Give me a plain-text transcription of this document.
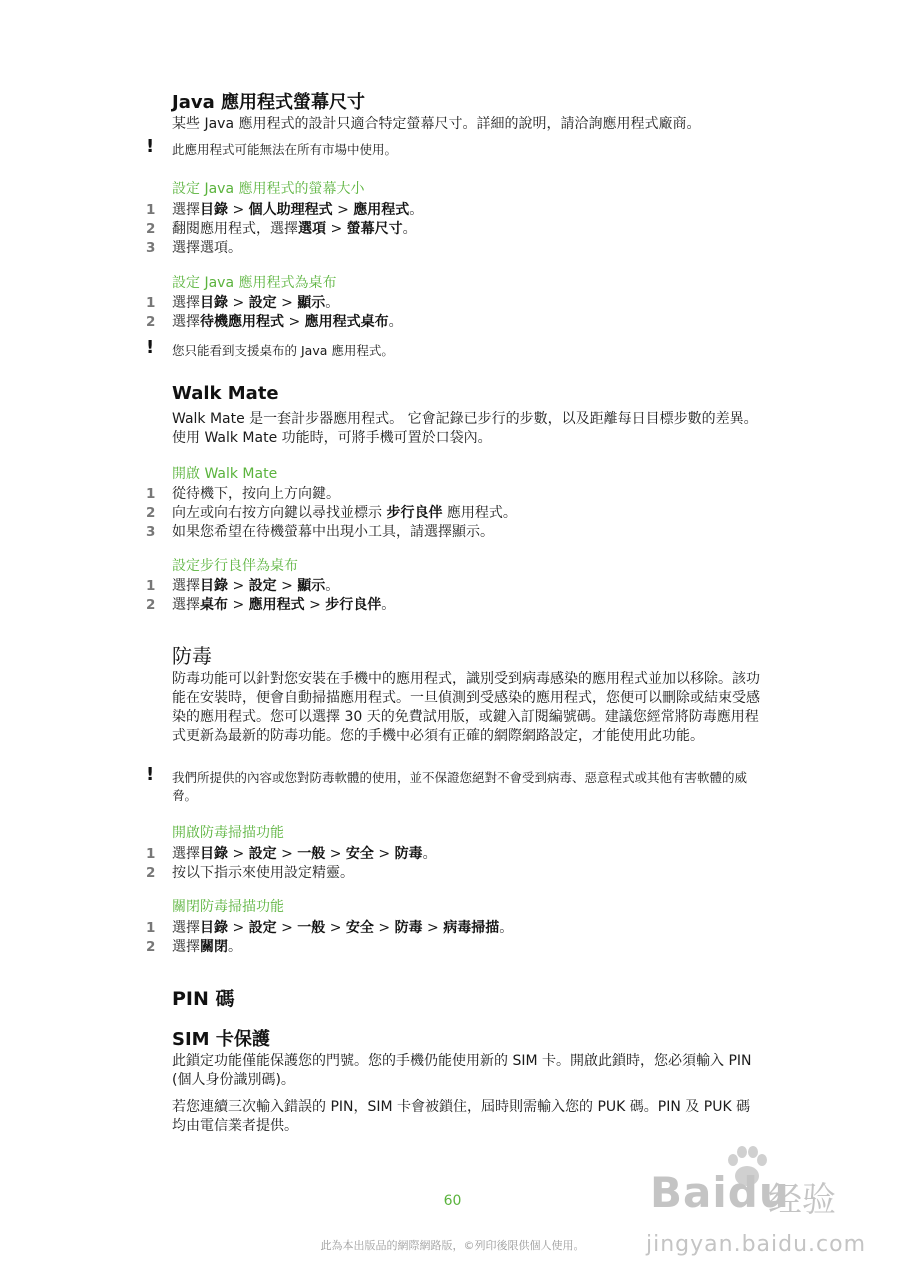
Java 應用程式螢幕尺寸
某些 Java 應用程式的設計只適合特定螢幕尺寸。詳細的說明，請洽詢應用程式廠商。
! 此應用程式可能無法在所有市場中使用。
設定 Java 應用程式的螢幕大小
1	選擇目錄 > 個人助理程式 > 應用程式。
2	翻閱應用程式，選擇選項 > 螢幕尺寸。
3	選擇選項。
設定 Java 應用程式為桌布
1	選擇目錄 > 設定 > 顯示。
2	選擇待機應用程式 > 應用程式桌布。
! 您只能看到支援桌布的 Java 應用程式。
Walk Mate
Walk Mate 是一套計步器應用程式。 它會記錄已步行的步數，以及距離每日目標步數的差異。 使用 Walk Mate 功能時，可將手機可置於口袋內。
開啟 Walk Mate
1	從待機下，按向上方向鍵。
2	向左或向右按方向鍵以尋找並標示 步行良伴 應用程式。
3	如果您希望在待機螢幕中出現小工具，請選擇顯示。
設定步行良伴為桌布
1	選擇目錄 > 設定 > 顯示。
2	選擇桌布 > 應用程式 > 步行良伴。
防毒
防毒功能可以針對您安裝在手機中的應用程式，識別受到病毒感染的應用程式並加以移除。該功能在安裝時，便會自動掃描應用程式。一旦偵測到受感染的應用程式，您便可以刪除或結束受感染的應用程式。您可以選擇 30 天的免費試用版，或鍵入訂閱編號碼。建議您經常將防毒應用程式更新為最新的防毒功能。您的手機中必須有正確的網際網路設定，才能使用此功能。
! 我們所提供的內容或您對防毒軟體的使用，並不保證您絕對不會受到病毒、惡意程式或其他有害軟體的威脅。
開啟防毒掃描功能
1	選擇目錄 > 設定 > 一般 > 安全 > 防毒。
2	按以下指示來使用設定精靈。
關閉防毒掃描功能
1	選擇目錄 > 設定 > 一般 > 安全 > 防毒 > 病毒掃描。
2	選擇關閉。
PIN 碼
SIM 卡保護
此鎖定功能僅能保護您的門號。您的手機仍能使用新的 SIM 卡。開啟此鎖時，您必須輸入 PIN (個人身份識別碼)。
若您連續三次輸入錯誤的 PIN，SIM 卡會被鎖住，屆時則需輸入您的 PUK 碼。PIN 及 PUK 碼均由電信業者提供。
60
此為本出版品的網際網路版，©列印後限供個人使用。
Baidu
经验
jingyan.baidu.com
